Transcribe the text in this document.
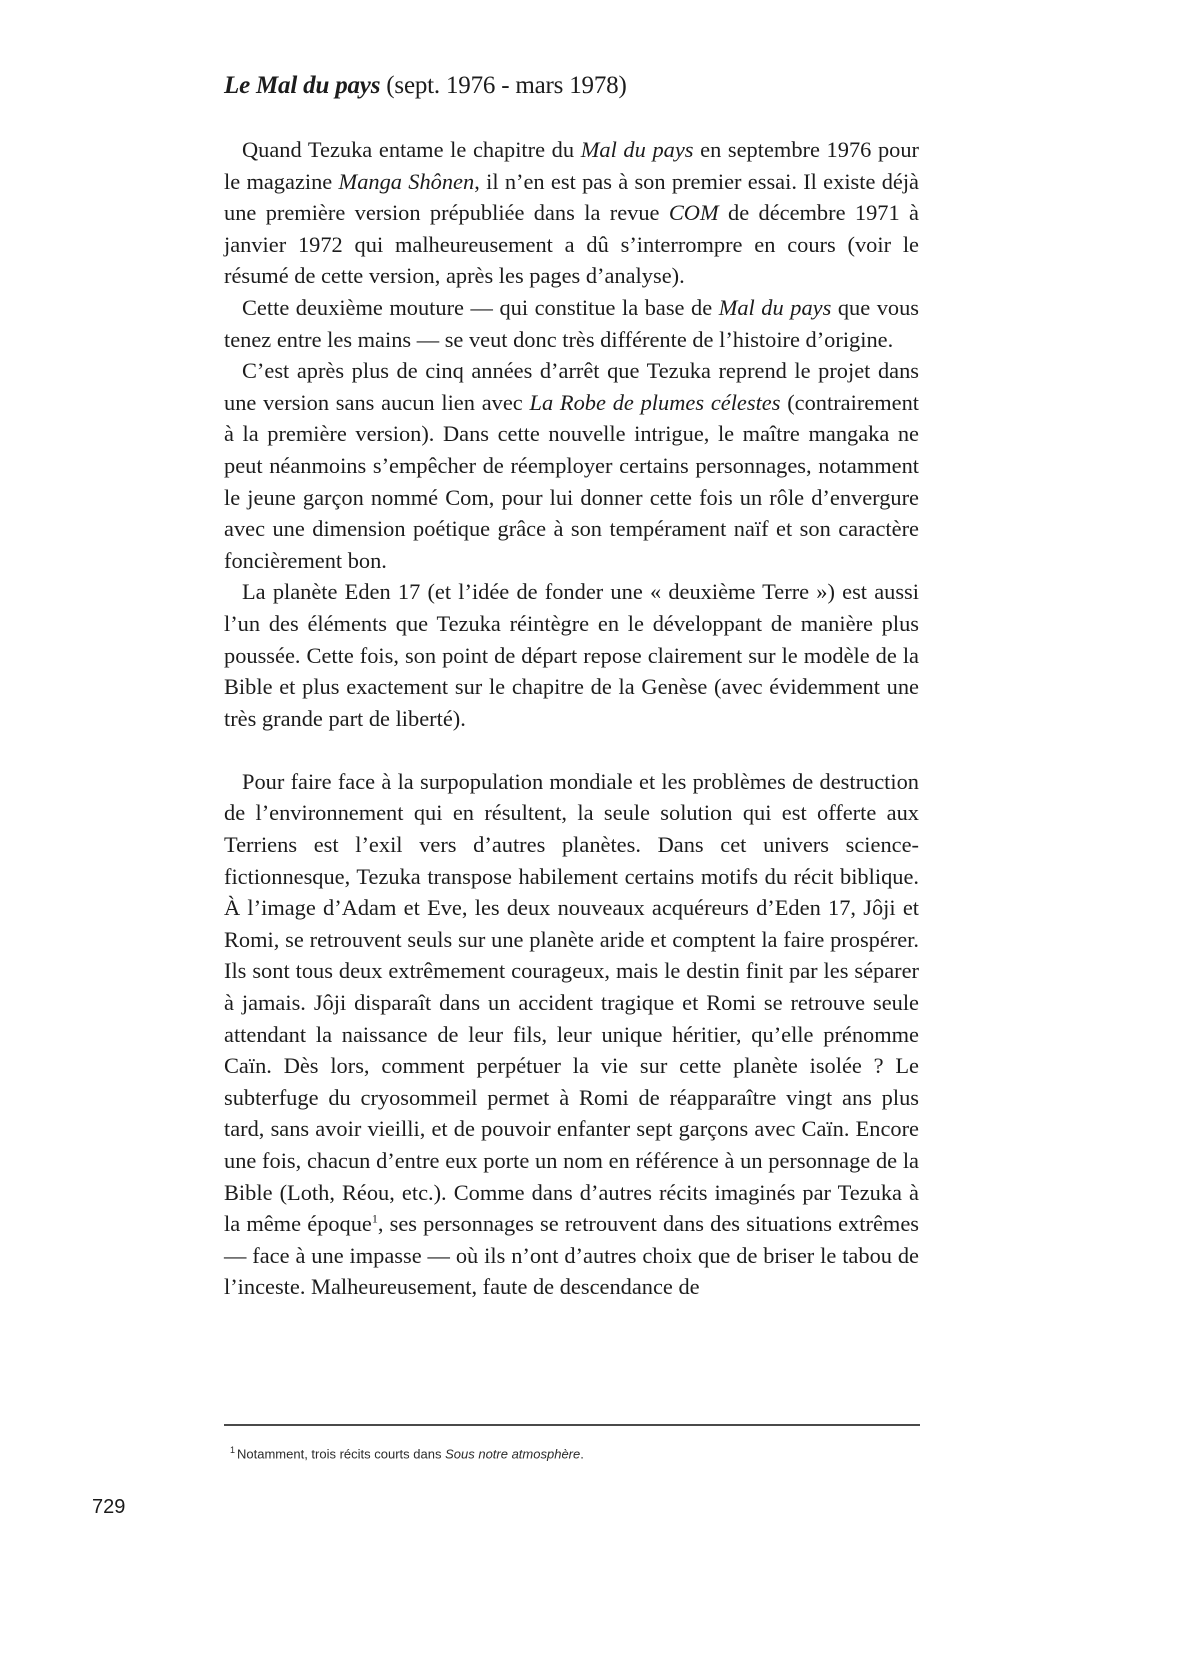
Le Mal du pays (sept. 1976 - mars 1978)

Quand Tezuka entame le chapitre du Mal du pays en septembre 1976 pour le magazine Manga Shônen, il n’en est pas à son premier essai. Il existe déjà une première version prépubliée dans la revue COM de décembre 1971 à janvier 1972 qui malheureusement a dû s’interrompre en cours (voir le résumé de cette version, après les pages d’analyse).

Cette deuxième mouture — qui constitue la base de Mal du pays que vous tenez entre les mains — se veut donc très différente de l’histoire d’origine.

C’est après plus de cinq années d’arrêt que Tezuka reprend le projet dans une version sans aucun lien avec La Robe de plumes célestes (contrairement à la première version). Dans cette nouvelle intrigue, le maître mangaka ne peut néanmoins s’empêcher de réemployer certains personnages, notamment le jeune garçon nommé Com, pour lui donner cette fois un rôle d’envergure avec une dimension poétique grâce à son tempérament naïf et son caractère foncièrement bon.

La planète Eden 17 (et l’idée de fonder une « deuxième Terre ») est aussi l’un des éléments que Tezuka réintègre en le développant de manière plus poussée. Cette fois, son point de départ repose clairement sur le modèle de la Bible et plus exactement sur le chapitre de la Genèse (avec évidemment une très grande part de liberté).

Pour faire face à la surpopulation mondiale et les problèmes de destruction de l’environnement qui en résultent, la seule solution qui est offerte aux Terriens est l’exil vers d’autres planètes. Dans cet univers science-fictionnesque, Tezuka transpose habilement certains motifs du récit biblique. À l’image d’Adam et Eve, les deux nouveaux acquéreurs d’Eden 17, Jôji et Romi, se retrouvent seuls sur une planète aride et comptent la faire prospérer. Ils sont tous deux extrêmement courageux, mais le destin finit par les séparer à jamais. Jôji disparaît dans un accident tragique et Romi se retrouve seule attendant la naissance de leur fils, leur unique héritier, qu’elle prénomme Caïn. Dès lors, comment perpétuer la vie sur cette planète isolée ? Le subterfuge du cryosommeil permet à Romi de réapparaître vingt ans plus tard, sans avoir vieilli, et de pouvoir enfanter sept garçons avec Caïn. Encore une fois, chacun d’entre eux porte un nom en référence à un personnage de la Bible (Loth, Réou, etc.). Comme dans d’autres récits imaginés par Tezuka à la même époque$^1$, ses personnages se retrouvent dans des situations extrêmes — face à une impasse — où ils n’ont d’autres choix que de briser le tabou de l’inceste. Malheureusement, faute de descendance de

$^1$ Notamment, trois récits courts dans Sous notre atmosphère.
729
